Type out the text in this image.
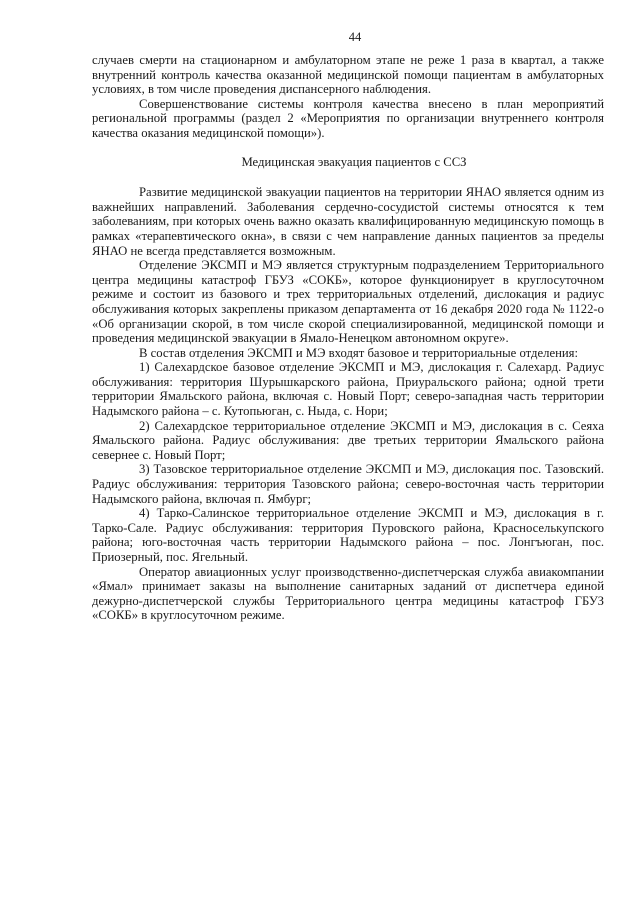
44

случаев смерти на стационарном и амбулаторном этапе не реже 1 раза в квартал, а также внутренний контроль качества оказанной медицинской помощи пациентам в амбулаторных условиях, в том числе проведения диспансерного наблюдения.

Совершенствование системы контроля качества внесено в план мероприятий региональной программы (раздел 2 «Мероприятия по организации внутреннего контроля качества оказания медицинской помощи»).

Медицинская эвакуация пациентов с ССЗ

Развитие медицинской эвакуации пациентов на территории ЯНАО является одним из важнейших направлений. Заболевания сердечно-сосудистой системы относятся к тем заболеваниям, при которых очень важно оказать квалифицированную медицинскую помощь в рамках «терапевтического окна», в связи с чем направление данных пациентов за пределы ЯНАО не всегда представляется возможным.

Отделение ЭКСМП и МЭ является структурным подразделением Территориального центра медицины катастроф ГБУЗ «СОКБ», которое функционирует в круглосуточном режиме и состоит из базового и трех территориальных отделений, дислокация и радиус обслуживания которых закреплены приказом департамента от 16 декабря 2020 года № 1122-о «Об организации скорой, в том числе скорой специализированной, медицинской помощи и проведения медицинской эвакуации в Ямало-Ненецком автономном округе».

В состав отделения ЭКСМП и МЭ входят базовое и территориальные отделения:

1) Салехардское базовое отделение ЭКСМП и МЭ, дислокация г. Салехард. Радиус обслуживания: территория Шурышкарского района, Приуральского района; одной трети территории Ямальского района, включая с. Новый Порт; северо-западная часть территории Надымского района – с. Кутопьюган, с. Ныда, с. Нори;

2) Салехардское территориальное отделение ЭКСМП и МЭ, дислокация в с. Сеяха Ямальского района. Радиус обслуживания: две третьих территории Ямальского района севернее с. Новый Порт;

3) Тазовское территориальное отделение ЭКСМП и МЭ, дислокация пос. Тазовский. Радиус обслуживания: территория Тазовского района; северо-восточная часть территории Надымского района, включая п. Ямбург;

4) Тарко-Салинское территориальное отделение ЭКСМП и МЭ, дислокация в г. Тарко-Сале. Радиус обслуживания: территория Пуровского района, Красноселькупского района; юго-восточная часть территории Надымского района – пос. Лонгъюган, пос. Приозерный, пос. Ягельный.

Оператор авиационных услуг производственно-диспетчерская служба авиакомпании «Ямал» принимает заказы на выполнение санитарных заданий от диспетчера единой дежурно-диспетчерской службы Территориального центра медицины катастроф ГБУЗ «СОКБ» в круглосуточном режиме.
